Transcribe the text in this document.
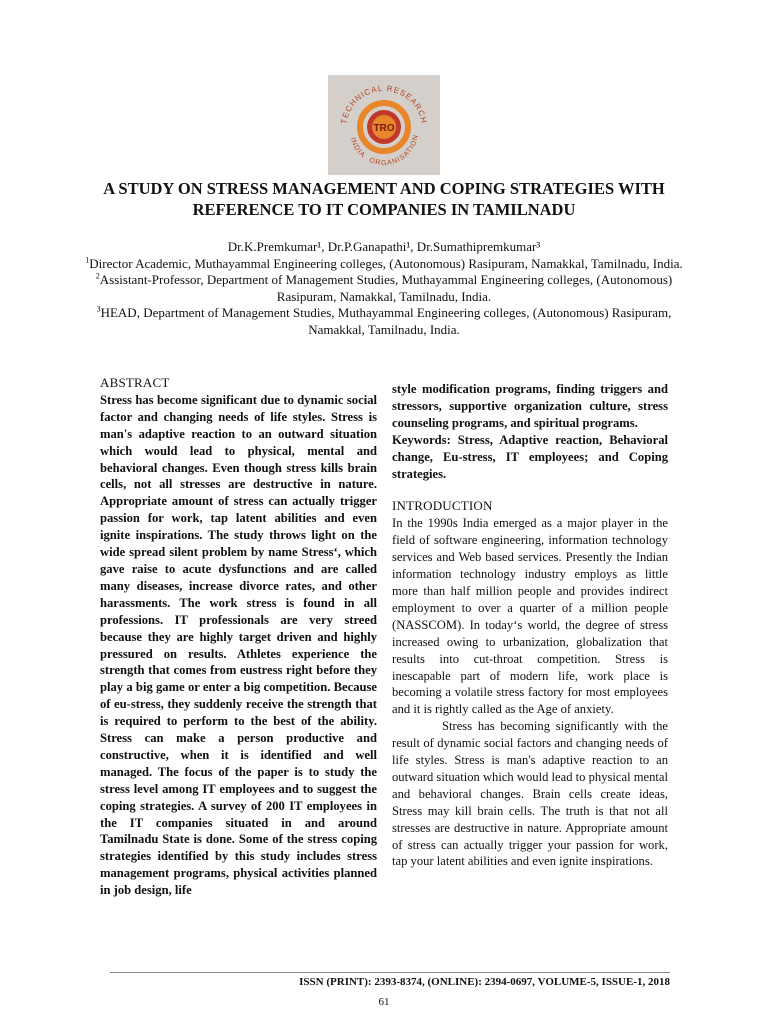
TRO
TECHNICAL RESEARCH
INDIA
ORGANISATION
A STUDY ON STRESS MANAGEMENT AND COPING STRATEGIES WITH REFERENCE TO IT COMPANIES IN TAMILNADU

Dr.K.Premkumar¹, Dr.P.Ganapathi¹, Dr.Sumathipremkumar³

$^1$Director Academic, Muthayammal Engineering colleges, (Autonomous) Rasipuram, Namakkal, Tamilnadu, India.

$^2$Assistant-Professor, Department of Management Studies, Muthayammal Engineering colleges, (Autonomous) Rasipuram, Namakkal, Tamilnadu, India.

$^3$HEAD, Department of Management Studies, Muthayammal Engineering colleges, (Autonomous) Rasipuram, Namakkal, Tamilnadu, India.

ABSTRACT

Stress has become significant due to dynamic social factor and changing needs of life styles. Stress is man's adaptive reaction to an outward situation which would lead to physical, mental and behavioral changes. Even though stress kills brain cells, not all stresses are destructive in nature. Appropriate amount of stress can actually trigger passion for work, tap latent abilities and even ignite inspirations. The study throws light on the wide spread silent problem by name Stress‘, which gave raise to acute dysfunctions and are called many diseases, increase divorce rates, and other harassments. The work stress is found in all professions. IT professionals are very streed because they are highly target driven and highly pressured on results. Athletes experience the strength that comes from eustress right before they play a big game or enter a big competition. Because of eu-stress, they suddenly receive the strength that is required to perform to the best of the ability. Stress can make a person productive and constructive, when it is identified and well managed. The focus of the paper is to study the stress level among IT employees and to suggest the coping strategies. A survey of 200 IT employees in the IT companies situated in and around Tamilnadu State is done. Some of the stress coping strategies identified by this study includes stress management programs, physical activities planned in job design, life

style modification programs, finding triggers and stressors, supportive organization culture, stress counseling programs, and spiritual programs.

Keywords: Stress, Adaptive reaction, Behavioral change, Eu-stress, IT employees; and Coping strategies.

INTRODUCTION

In the 1990s India emerged as a major player in the field of software engineering, information technology services and Web based services. Presently the Indian information technology industry employs as little more than half million people and provides indirect employment to over a quarter of a million people (NASSCOM). In today‘s world, the degree of stress increased owing to urbanization, globalization that results into cut-throat competition. Stress is inescapable part of modern life, work place is becoming a volatile stress factory for most employees and it is rightly called as the Age of anxiety.

Stress has becoming significantly with the result of dynamic social factors and changing needs of life styles. Stress is man's adaptive reaction to an outward situation which would lead to physical mental and behavioral changes. Brain cells create ideas, Stress may kill brain cells. The truth is that not all stresses are destructive in nature. Appropriate amount of stress can actually trigger your passion for work, tap your latent abilities and even ignite inspirations.

ISSN (PRINT): 2393-8374, (ONLINE): 2394-0697, VOLUME-5, ISSUE-1, 2018
61
